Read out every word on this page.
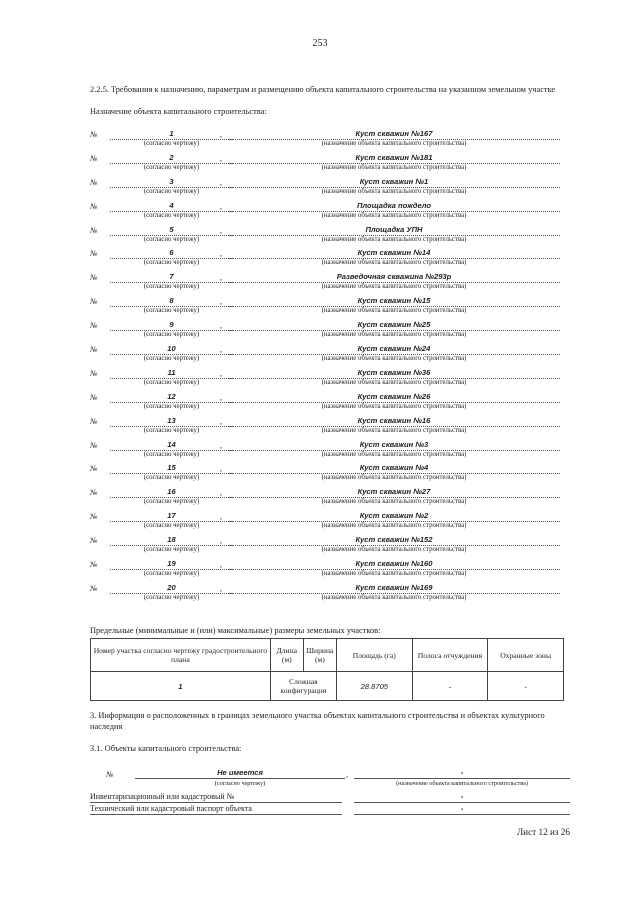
253
2.2.5. Требования к назначению, параметрам и размещению объекта капитального строительства на указанном земельном участке
Назначение объекта капитального строительства:
№	1	,	Куст скважин №167
(согласно чертежу)	(назначение объекта капитального строительства)
№	2	,	Куст скважин №181
(согласно чертежу)	(назначение объекта капитального строительства)
№	3	,	Куст скважин №1
(согласно чертежу)	(назначение объекта капитального строительства)
№	4	,	Площадка пождело
(согласно чертежу)	(назначение объекта капитального строительства)
№	5	,	Площадка УПН
(согласно чертежу)	(назначение объекта капитального строительства)
№	6	,	Куст скважин №14
(согласно чертежу)	(назначение объекта капитального строительства)
№	7	,	Разведочная скважина №293р
(согласно чертежу)	(назначение объекта капитального строительства)
№	8	,	Куст скважин №15
(согласно чертежу)	(назначение объекта капитального строительства)
№	9	,	Куст скважин №25
(согласно чертежу)	(назначение объекта капитального строительства)
№	10	,	Куст скважин №24
(согласно чертежу)	(назначение объекта капитального строительства)
№	11	,	Куст скважин №36
(согласно чертежу)	(назначение объекта капитального строительства)
№	12	,	Куст скважин №26
(согласно чертежу)	(назначение объекта капитального строительства)
№	13	,	Куст скважин №16
(согласно чертежу)	(назначение объекта капитального строительства)
№	14	,	Куст скважин №3
(согласно чертежу)	(назначение объекта капитального строительства)
№	15	,	Куст скважин №4
(согласно чертежу)	(назначение объекта капитального строительства)
№	16	,	Куст скважин №27
(согласно чертежу)	(назначение объекта капитального строительства)
№	17	,	Куст скважин №2
(согласно чертежу)	(назначение объекта капитального строительства)
№	18	,	Куст скважин №152
(согласно чертежу)	(назначение объекта капитального строительства)
№	19	,	Куст скважин №160
(согласно чертежу)	(назначение объекта капитального строительства)
№	20	,	Куст скважин №169
(согласно чертежу)	(назначение объекта капитального строительства)
Предельные (минимальные и (или) максимальные) размеры земельных участков:
Номер участка согласно чертежу градостроительного плана	Длина (м)	Ширина (м)	Площадь (га)	Полоса отчуждения	Охранные зоны
1	Сложная конфигурация		28.8705	-	-
3. Информация о расположенных в границах земельного участка объектах капитального строительства и объектах культурного наследия
3.1. Объекты капитального строительства:
№	Не имеется	,	-
(согласно чертежу)	(назначение объекта капитального строительства)
Инвентаризационный или кадастровый №	-
Технический или кадастровый паспорт объекта	-
Лист 12 из 26
